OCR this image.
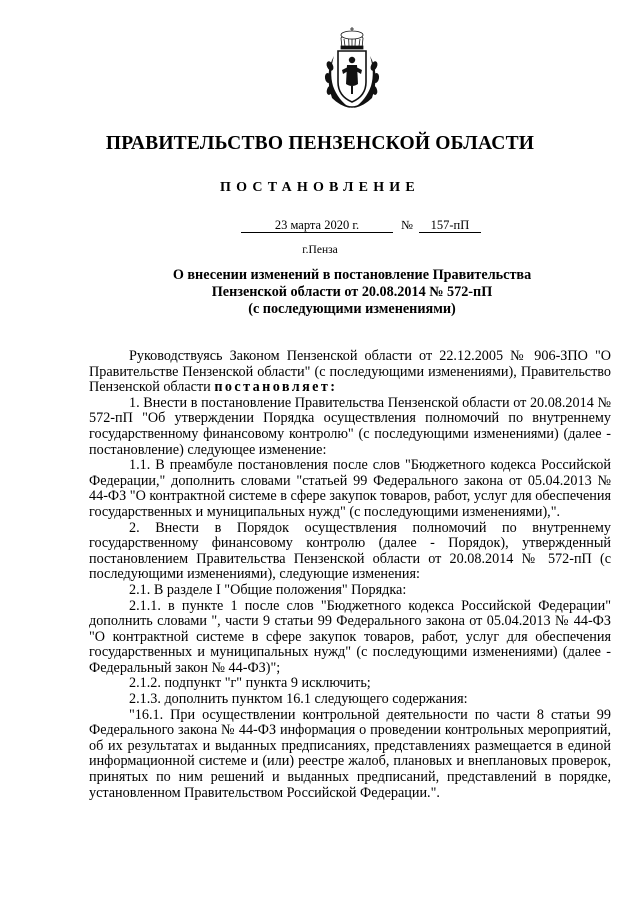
ПРАВИТЕЛЬСТВО ПЕНЗЕНСКОЙ ОБЛАСТИ
ПОСТАНОВЛЕНИЕ
23 марта 2020 г.	№ 157-пП
г.Пенза
О внесении изменений в постановление Правительства
Пензенской области от 20.08.2014 № 572-пП
(с последующими изменениями)

Руководствуясь Законом Пензенской области от 22.12.2005 № 906-ЗПО "О Правительстве Пензенской области" (с последующими изменениями), Правительство Пензенской области постановляет:

1. Внести в постановление Правительства Пензенской области от 20.08.2014 № 572-пП "Об утверждении Порядка осуществления полномочий по внутреннему государственному финансовому контролю" (с последующими изменениями) (далее - постановление) следующее изменение:

1.1. В преамбуле постановления после слов "Бюджетного кодекса Российской Федерации," дополнить словами "статьей 99 Федерального закона от 05.04.2013 № 44-ФЗ "О контрактной системе в сфере закупок товаров, работ, услуг для обеспечения государственных и муниципальных нужд" (с последующими изменениями),".

2. Внести в Порядок осуществления полномочий по внутреннему государственному финансовому контролю (далее - Порядок), утвержденный постановлением Правительства Пензенской области от 20.08.2014 № 572-пП (с последующими изменениями), следующие изменения:

2.1. В разделе I "Общие положения" Порядка:

2.1.1. в пункте 1 после слов "Бюджетного кодекса Российской Федерации" дополнить словами ", части 9 статьи 99 Федерального закона от 05.04.2013 № 44-ФЗ "О контрактной системе в сфере закупок товаров, работ, услуг для обеспечения государственных и муниципальных нужд" (с последующими изменениями) (далее - Федеральный закон № 44-ФЗ)";

2.1.2. подпункт "г" пункта 9 исключить;

2.1.3. дополнить пунктом 16.1 следующего содержания:

"16.1. При осуществлении контрольной деятельности по части 8 статьи 99 Федерального закона № 44-ФЗ информация о проведении контрольных мероприятий, об их результатах и выданных предписаниях, представлениях размещается в единой информационной системе и (или) реестре жалоб, плановых и внеплановых проверок, принятых по ним решений и выданных предписаний, представлений в порядке, установленном Правительством Российской Федерации.".
